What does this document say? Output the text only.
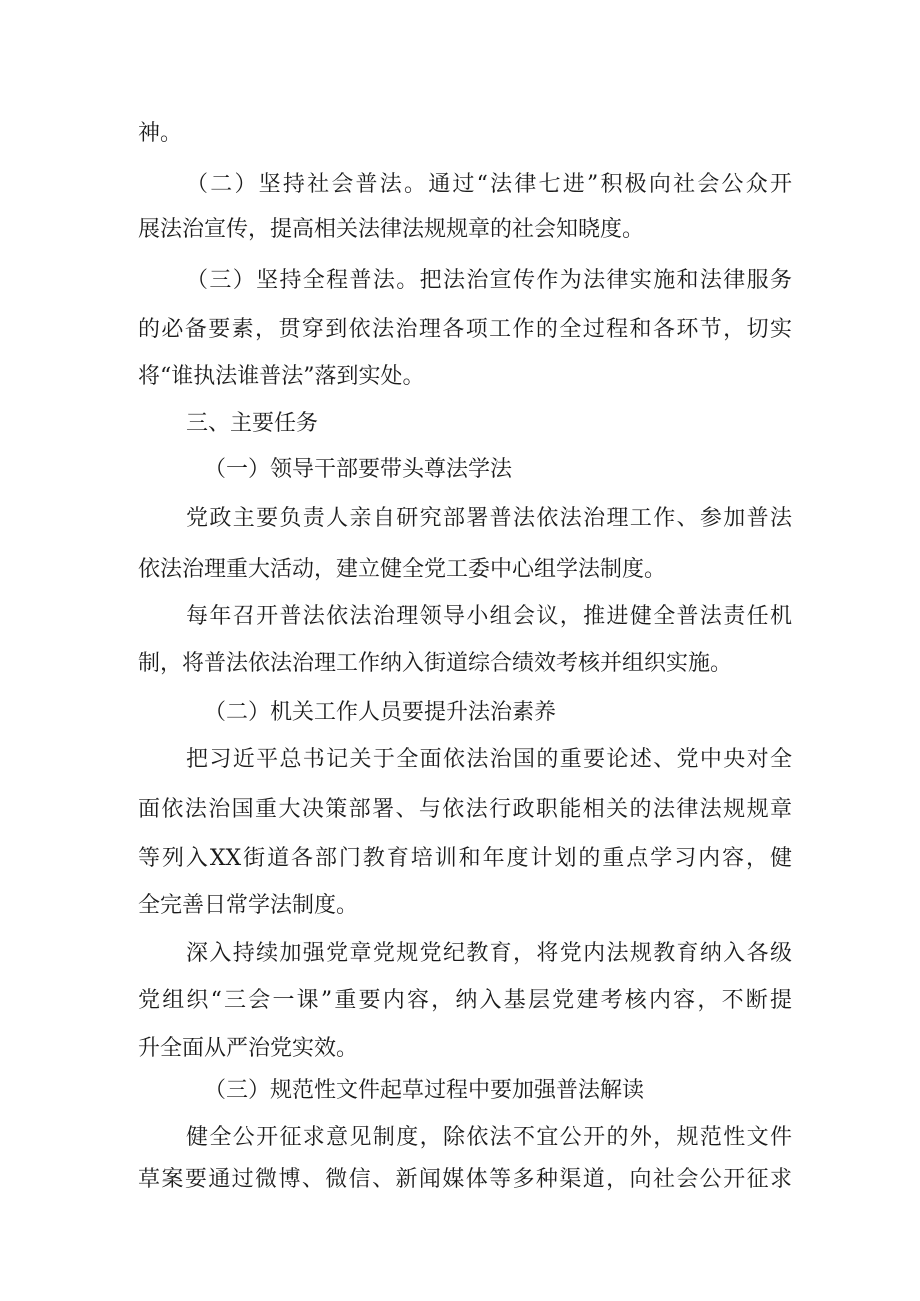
神。

（二）坚持社会普法。通过“法律七进”积极向社会公众开

展法治宣传，提高相关法律法规规章的社会知晓度。

（三）坚持全程普法。把法治宣传作为法律实施和法律服务

的必备要素，贯穿到依法治理各项工作的全过程和各环节，切实

将“谁执法谁普法”落到实处。

三、主要任务

（一）领导干部要带头尊法学法

党政主要负责人亲自研究部署普法依法治理工作、参加普法

依法治理重大活动，建立健全党工委中心组学法制度。

每年召开普法依法治理领导小组会议，推进健全普法责任机

制，将普法依法治理工作纳入街道综合绩效考核并组织实施。

（二）机关工作人员要提升法治素养

把习近平总书记关于全面依法治国的重要论述、党中央对全

面依法治国重大决策部署、与依法行政职能相关的法律法规规章

等列入XX街道各部门教育培训和年度计划的重点学习内容，健

全完善日常学法制度。

深入持续加强党章党规党纪教育，将党内法规教育纳入各级

党组织“三会一课”重要内容，纳入基层党建考核内容，不断提

升全面从严治党实效。

（三）规范性文件起草过程中要加强普法解读

健全公开征求意见制度，除依法不宜公开的外，规范性文件

草案要通过微博、微信、新闻媒体等多种渠道，向社会公开征求
